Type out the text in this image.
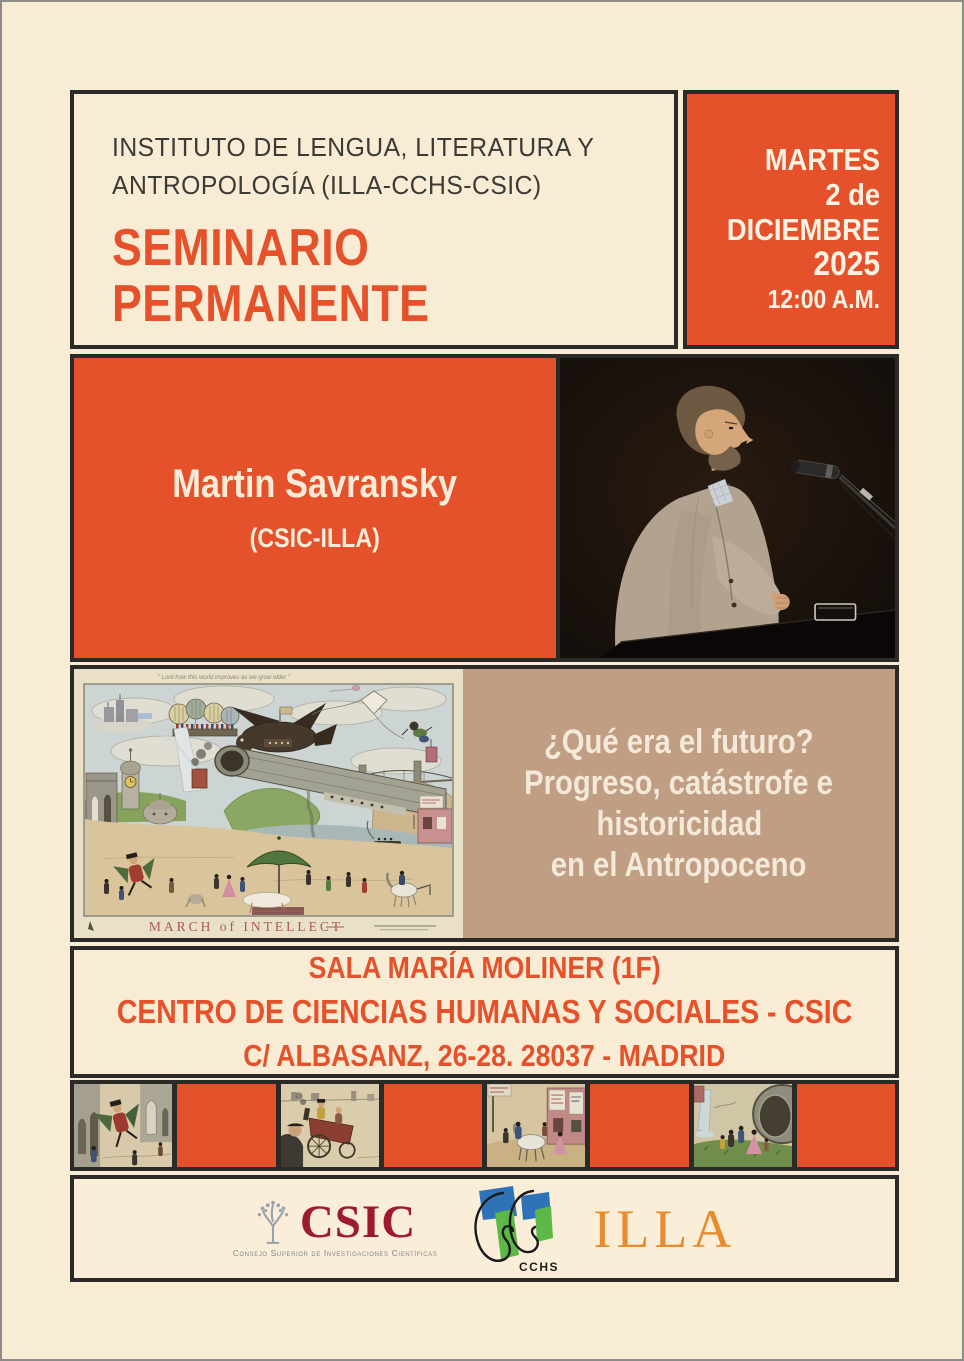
INSTITUTO DE LENGUA, LITERATURA Y
ANTROPOLOGÍA (ILLA-CCHS-CSIC)
SEMINARIO
PERMANENTE
MARTES
2 de
DICIEMBRE
2025
12:00 A.M.
Martin Savransky
(CSIC-ILLA)
" Lord how this world improves as we grow older "
MARCH of INTELLECT
¿Qué era el futuro?
Progreso, catástrofe e
historicidad
en el Antropoceno
SALA MARÍA MOLINER (1F)
CENTRO DE CIENCIAS HUMANAS Y SOCIALES - CSIC
C/ ALBASANZ, 26-28. 28037 - MADRID
CSIC
Consejo Superior de Investigaciones Científicas
CCHS
ILLA
